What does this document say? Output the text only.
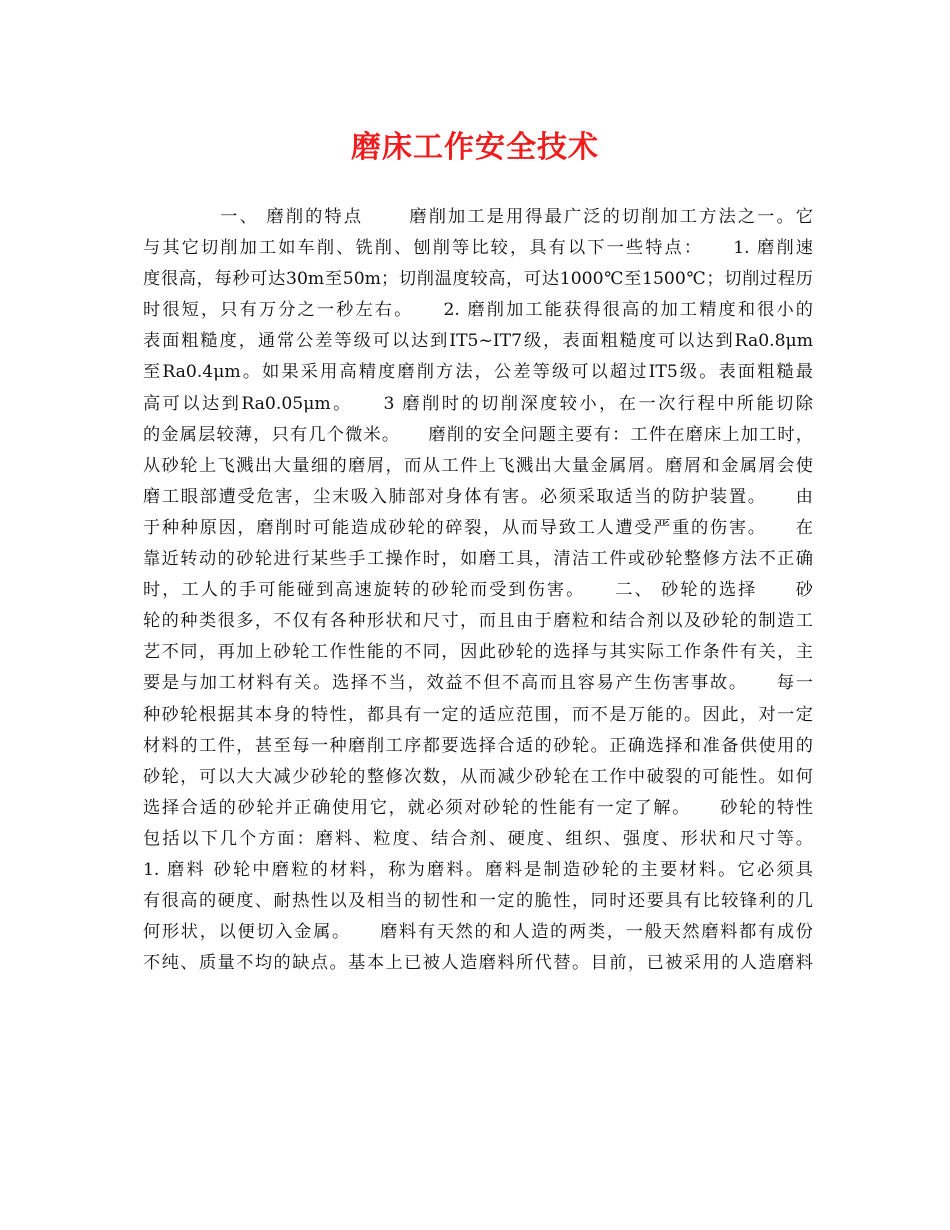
磨床工作安全技术
　　　　一、 磨削的特点　　 磨削加工是用得最广泛的切削加工方法之一。它
与其它切削加工如车削、铣削、刨削等比较，具有以下一些特点：　　1. 磨削速
度很高，每秒可达30m至50m；切削温度较高，可达1000℃至1500℃；切削过程历
时很短，只有万分之一秒左右。　　2. 磨削加工能获得很高的加工精度和很小的
表面粗糙度，通常公差等级可以达到IT5~IT7级，表面粗糙度可以达到Ra0.8μm
至Ra0.4μm。如果采用高精度磨削方法，公差等级可以超过IT5级。表面粗糙最
高可以达到Ra0.05μm。　　3 磨削时的切削深度较小，在一次行程中所能切除
的金属层较薄，只有几个微米。　　磨削的安全问题主要有：工件在磨床上加工时，
从砂轮上飞溅出大量细的磨屑，而从工件上飞溅出大量金属屑。磨屑和金属屑会使
磨工眼部遭受危害，尘末吸入肺部对身体有害。必须采取适当的防护装置。　　由
于种种原因，磨削时可能造成砂轮的碎裂，从而导致工人遭受严重的伤害。　　在
靠近转动的砂轮进行某些手工操作时，如磨工具，清洁工件或砂轮整修方法不正确
时，工人的手可能碰到高速旋转的砂轮而受到伤害。　　二、 砂轮的选择　　砂
轮的种类很多，不仅有各种形状和尺寸，而且由于磨粒和结合剂以及砂轮的制造工
艺不同，再加上砂轮工作性能的不同，因此砂轮的选择与其实际工作条件有关，主
要是与加工材料有关。选择不当，效益不但不高而且容易产生伤害事故。　　每一
种砂轮根据其本身的特性，都具有一定的适应范围，而不是万能的。因此，对一定
材料的工件，甚至每一种磨削工序都要选择合适的砂轮。正确选择和准备供使用的
砂轮，可以大大减少砂轮的整修次数，从而减少砂轮在工作中破裂的可能性。如何
选择合适的砂轮并正确使用它，就必须对砂轮的性能有一定了解。　　砂轮的特性
包括以下几个方面：磨料、粒度、结合剂、硬度、组织、强度、形状和尺寸等。
1. 磨料 砂轮中磨粒的材料，称为磨料。磨料是制造砂轮的主要材料。它必须具
有很高的硬度、耐热性以及相当的韧性和一定的脆性，同时还要具有比较锋利的几
何形状，以便切入金属。　　磨料有天然的和人造的两类，一般天然磨料都有成份
不纯、质量不均的缺点。基本上已被人造磨料所代替。目前，已被采用的人造磨料
